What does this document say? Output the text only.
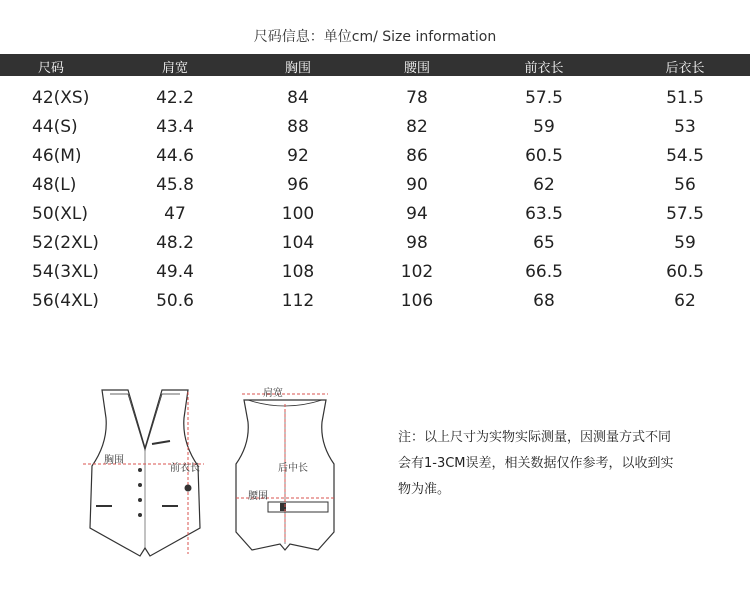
尺码信息：单位cm/ Size information
尺码	肩宽	胸围	腰围	前衣长	后衣长
42(XS)	42.2	84	78	57.5	51.5
44(S)	43.4	88	82	59	53
46(M)	44.6	92	86	60.5	54.5
48(L)	45.8	96	90	62	56
50(XL)	47	100	94	63.5	57.5
52(2XL)	48.2	104	98	65	59
54(3XL)	49.4	108	102	66.5	60.5
56(4XL)	50.6	112	106	68	62
胸围
前衣长
肩宽
后中长
腰围
注：以上尺寸为实物实际测量，因测量方式不同
会有1-3CM误差，相关数据仅作参考，以收到实
物为准。
